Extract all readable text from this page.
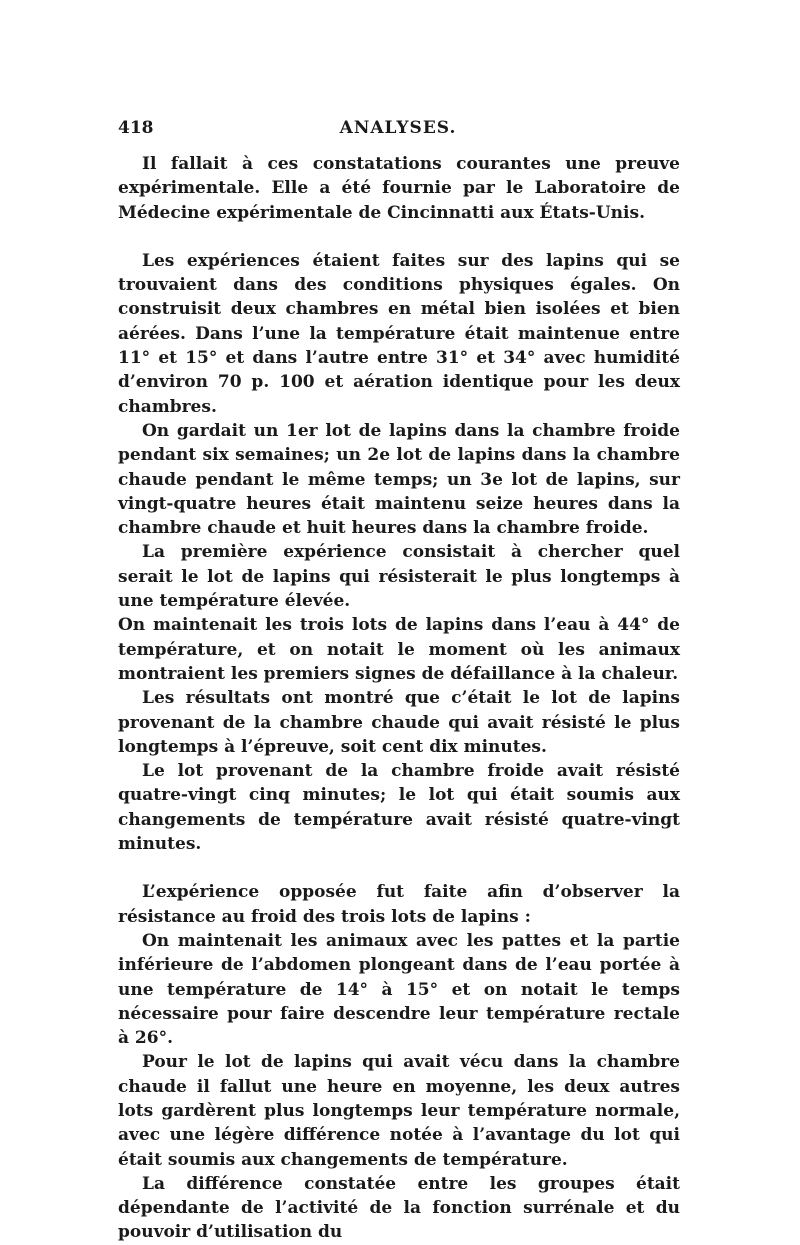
418	ANALYSES.

Il fallait à ces constatations courantes une preuve expérimentale. Elle a été fournie par le Laboratoire de Médecine expérimentale de Cincinnatti aux États-Unis.

Les expériences étaient faites sur des lapins qui se trouvaient dans des conditions physiques égales. On construisit deux chambres en métal bien isolées et bien aérées. Dans l’une la température était maintenue entre 11° et 15° et dans l’autre entre 31° et 34° avec humidité d’environ 70 p. 100 et aération identique pour les deux chambres.

On gardait un 1er lot de lapins dans la chambre froide pendant six semaines; un 2e lot de lapins dans la chambre chaude pendant le même temps; un 3e lot de lapins, sur vingt-quatre heures était maintenu seize heures dans la chambre chaude et huit heures dans la chambre froide.

La première expérience consistait à chercher quel serait le lot de lapins qui résisterait le plus longtemps à une température élevée.

On maintenait les trois lots de lapins dans l’eau à 44° de température, et on notait le moment où les animaux montraient les premiers signes de défaillance à la chaleur.

Les résultats ont montré que c’était le lot de lapins provenant de la chambre chaude qui avait résisté le plus longtemps à l’épreuve, soit cent dix minutes.

Le lot provenant de la chambre froide avait résisté quatre-vingt cinq minutes; le lot qui était soumis aux changements de température avait résisté quatre-vingt minutes.

L’expérience opposée fut faite afin d’observer la résistance au froid des trois lots de lapins :

On maintenait les animaux avec les pattes et la partie inférieure de l’abdomen plongeant dans de l’eau portée à une température de 14° à 15° et on notait le temps nécessaire pour faire descendre leur température rectale à 26°.

Pour le lot de lapins qui avait vécu dans la chambre chaude il fallut une heure en moyenne, les deux autres lots gardèrent plus longtemps leur température normale, avec une légère différence notée à l’avantage du lot qui était soumis aux changements de température.

La différence constatée entre les groupes était dépendante de l’activité de la fonction surrénale et du pouvoir d’utilisation du
